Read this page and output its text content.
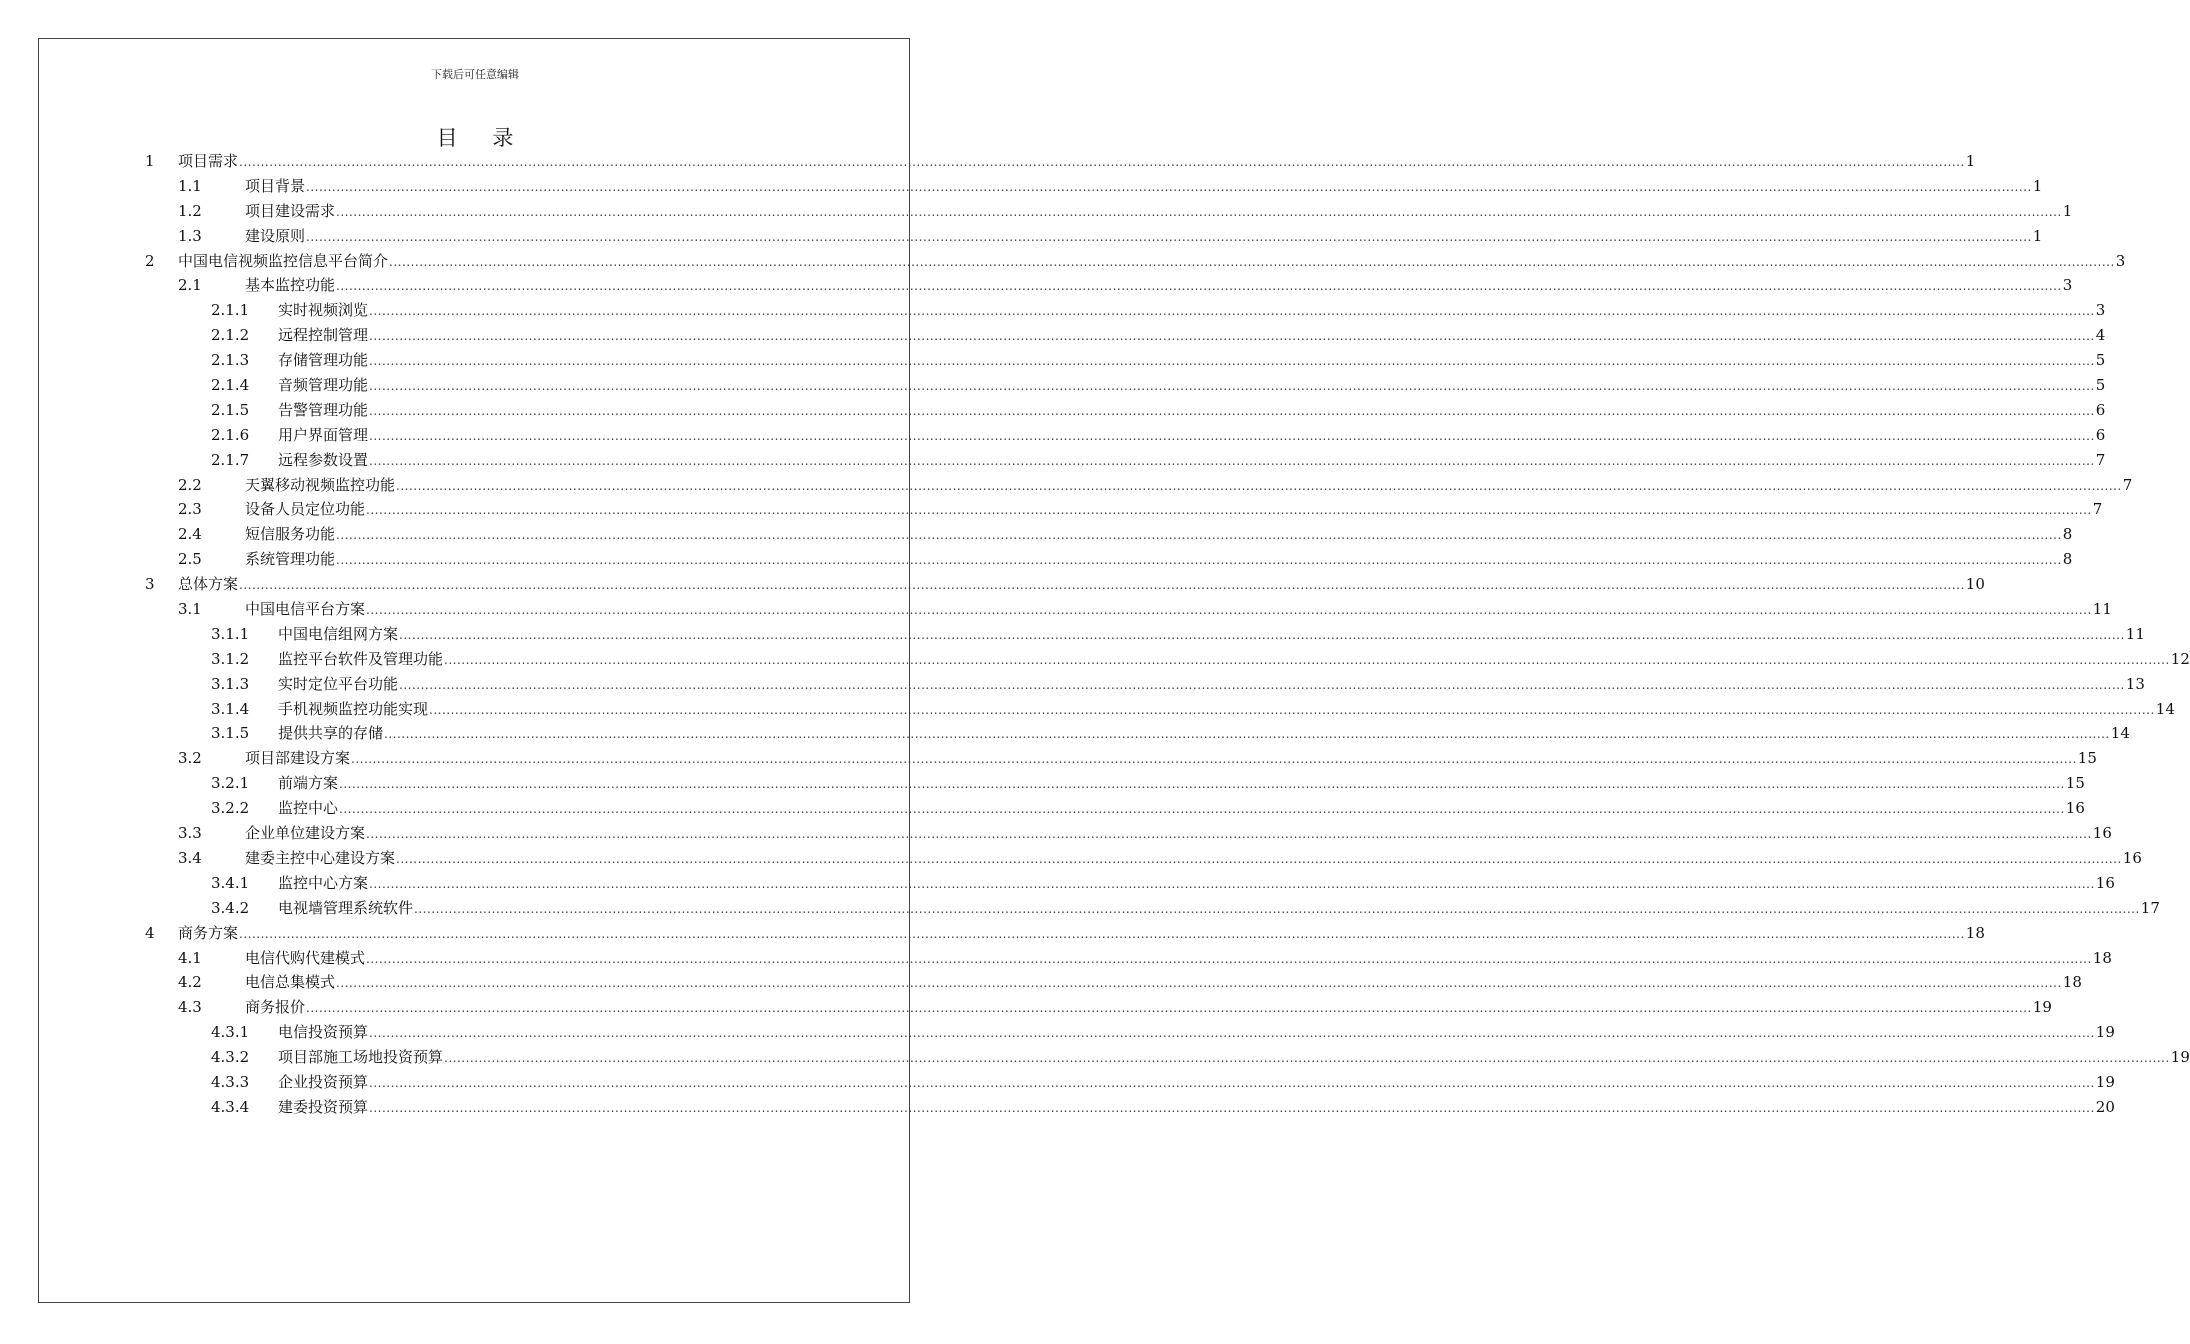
下载后可任意编辑
目 录
1 项目需求 ................................................................................................................................................................................................................................................................................................................................................................................................................ 1
1.1	项目背景 ................................................................................................................................................................................................................................................................................................................................................................................................................ 1
1.2	项目建设需求 ................................................................................................................................................................................................................................................................................................................................................................................................................ 1
1.3	建设原则 ................................................................................................................................................................................................................................................................................................................................................................................................................ 1
2 中国电信视频监控信息平台简介 ................................................................................................................................................................................................................................................................................................................................................................................................................ 3
2.1	基本监控功能 ................................................................................................................................................................................................................................................................................................................................................................................................................ 3
2.1.1 实时视频浏览 ................................................................................................................................................................................................................................................................................................................................................................................................................ 3
2.1.2 远程控制管理 ................................................................................................................................................................................................................................................................................................................................................................................................................ 4
2.1.3 存储管理功能 ................................................................................................................................................................................................................................................................................................................................................................................................................ 5
2.1.4 音频管理功能 ................................................................................................................................................................................................................................................................................................................................................................................................................ 5
2.1.5 告警管理功能 ................................................................................................................................................................................................................................................................................................................................................................................................................ 6
2.1.6 用户界面管理 ................................................................................................................................................................................................................................................................................................................................................................................................................ 6
2.1.7 远程参数设置 ................................................................................................................................................................................................................................................................................................................................................................................................................ 7
2.2	天翼移动视频监控功能 ................................................................................................................................................................................................................................................................................................................................................................................................................ 7
2.3	设备人员定位功能 ................................................................................................................................................................................................................................................................................................................................................................................................................ 7
2.4	短信服务功能 ................................................................................................................................................................................................................................................................................................................................................................................................................ 8
2.5	系统管理功能 ................................................................................................................................................................................................................................................................................................................................................................................................................ 8
3 总体方案 ................................................................................................................................................................................................................................................................................................................................................................................................................ 10
3.1	中国电信平台方案 ................................................................................................................................................................................................................................................................................................................................................................................................................ 11
3.1.1 中国电信组网方案 ................................................................................................................................................................................................................................................................................................................................................................................................................ 11
3.1.2 监控平台软件及管理功能 ................................................................................................................................................................................................................................................................................................................................................................................................................ 12
3.1.3 实时定位平台功能 ................................................................................................................................................................................................................................................................................................................................................................................................................ 13
3.1.4 手机视频监控功能实现 ................................................................................................................................................................................................................................................................................................................................................................................................................ 14
3.1.5 提供共享的存储 ................................................................................................................................................................................................................................................................................................................................................................................................................ 14
3.2	项目部建设方案 ................................................................................................................................................................................................................................................................................................................................................................................................................ 15
3.2.1 前端方案 ................................................................................................................................................................................................................................................................................................................................................................................................................ 15
3.2.2 监控中心 ................................................................................................................................................................................................................................................................................................................................................................................................................ 16
3.3	企业单位建设方案 ................................................................................................................................................................................................................................................................................................................................................................................................................ 16
3.4	建委主控中心建设方案 ................................................................................................................................................................................................................................................................................................................................................................................................................ 16
3.4.1 监控中心方案 ................................................................................................................................................................................................................................................................................................................................................................................................................ 16
3.4.2 电视墙管理系统软件 ................................................................................................................................................................................................................................................................................................................................................................................................................ 17
4 商务方案 ................................................................................................................................................................................................................................................................................................................................................................................................................ 18
4.1	电信代购代建模式 ................................................................................................................................................................................................................................................................................................................................................................................................................ 18
4.2	电信总集模式 ................................................................................................................................................................................................................................................................................................................................................................................................................ 18
4.3	商务报价 ................................................................................................................................................................................................................................................................................................................................................................................................................ 19
4.3.1 电信投资预算 ................................................................................................................................................................................................................................................................................................................................................................................................................ 19
4.3.2 项目部施工场地投资预算 ................................................................................................................................................................................................................................................................................................................................................................................................................ 19
4.3.3 企业投资预算 ................................................................................................................................................................................................................................................................................................................................................................................................................ 19
4.3.4 建委投资预算 ................................................................................................................................................................................................................................................................................................................................................................................................................ 20
